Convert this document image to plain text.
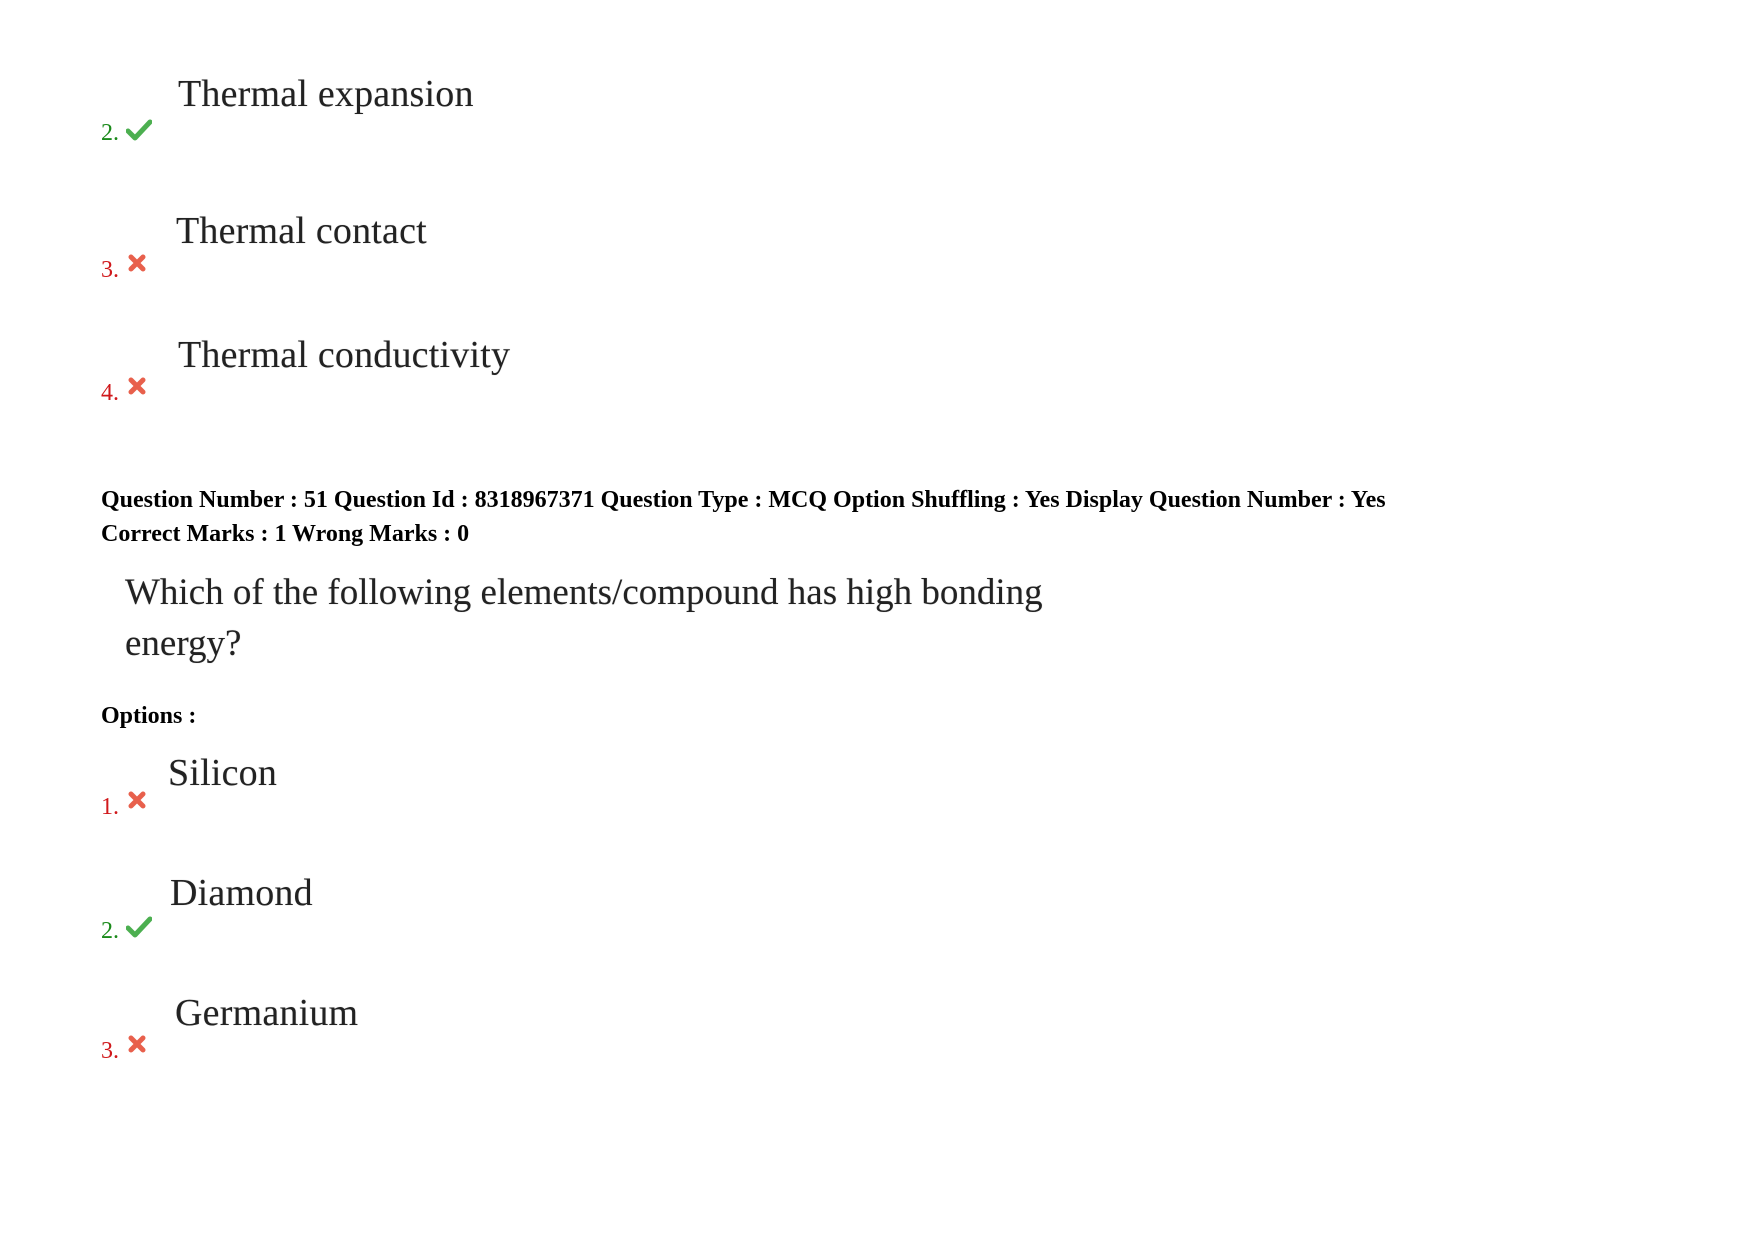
Thermal expansion
2.
Thermal contact
3.
Thermal conductivity
4.
Question Number : 51 Question Id : 8318967371 Question Type : MCQ Option Shuffling : Yes Display Question Number : Yes
Correct Marks : 1 Wrong Marks : 0
Which of the following elements/compound has high bonding energy?
Options :
Silicon
1.
Diamond
2.
Germanium
3.
